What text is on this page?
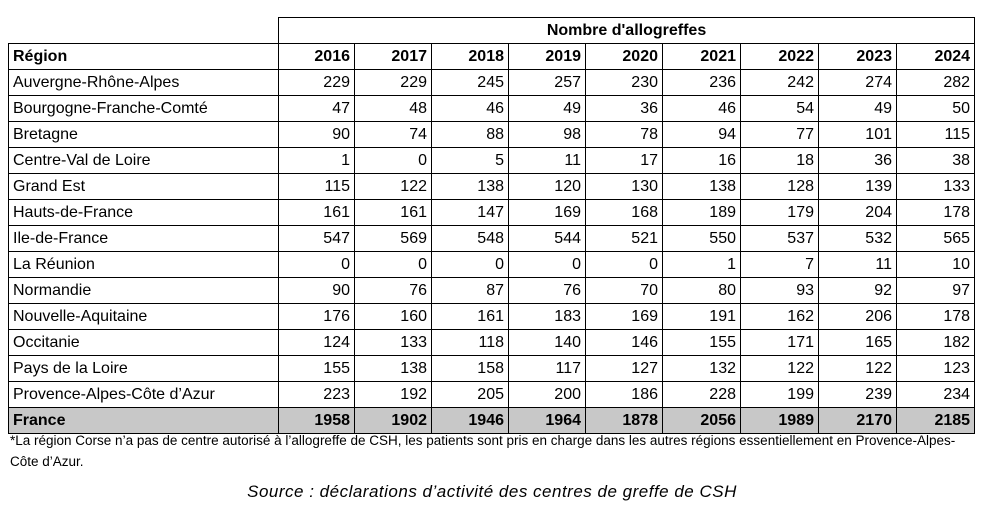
	Nombre d'allogreffes								
Région	2016	2017	2018	2019	2020	2021	2022	2023	2024
Auvergne-Rhône-Alpes	229	229	245	257	230	236	242	274	282
Bourgogne-Franche-Comté	47	48	46	49	36	46	54	49	50
Bretagne	90	74	88	98	78	94	77	101	115
Centre-Val de Loire	1	0	5	11	17	16	18	36	38
Grand Est	115	122	138	120	130	138	128	139	133
Hauts-de-France	161	161	147	169	168	189	179	204	178
Ile-de-France	547	569	548	544	521	550	537	532	565
La Réunion	0	0	0	0	0	1	7	11	10
Normandie	90	76	87	76	70	80	93	92	97
Nouvelle-Aquitaine	176	160	161	183	169	191	162	206	178
Occitanie	124	133	118	140	146	155	171	165	182
Pays de la Loire	155	138	158	117	127	132	122	122	123
Provence-Alpes-Côte d’Azur	223	192	205	200	186	228	199	239	234
France	1958	1902	1946	1964	1878	2056	1989	2170	2185
*La région Corse n’a pas de centre autorisé à l’allogreffe de CSH, les patients sont pris en charge dans les autres régions essentiellement en Provence-Alpes-Côte d’Azur.
Source : déclarations d’activité des centres de greffe de CSH
